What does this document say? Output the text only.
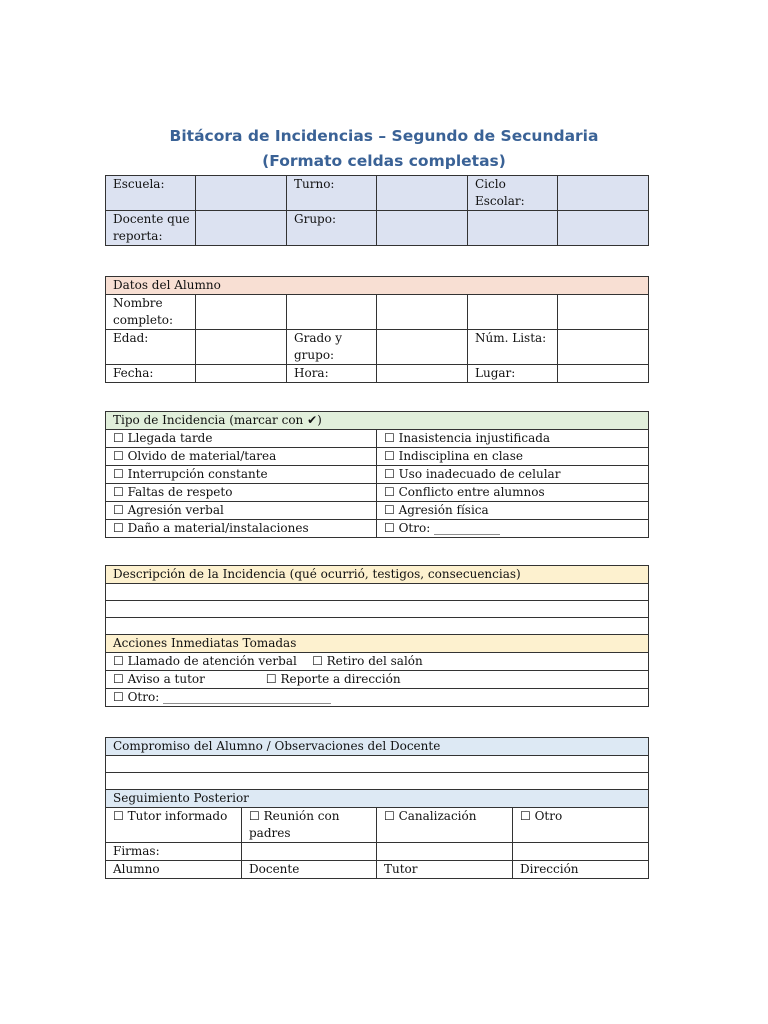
Bitácora de Incidencias – Segundo de Secundaria
(Formato celdas completas)
Escuela:		Turno:		Ciclo Escolar:	
Docente que reporta:		Grupo:			
Datos del Alumno					
Nombre completo:					
Edad:		Grado y grupo:		Núm. Lista:	
Fecha:		Hora:		Lugar:	
Tipo de Incidencia (marcar con ✔)	
☐ Llegada tarde	☐ Inasistencia injustificada
☐ Olvido de material/tarea	☐ Indisciplina en clase
☐ Interrupción constante	☐ Uso inadecuado de celular
☐ Faltas de respeto	☐ Conflicto entre alumnos
☐ Agresión verbal	☐ Agresión física
☐ Daño a material/instalaciones	☐ Otro: ___________
Descripción de la Incidencia (qué ocurrió, testigos, consecuencias)

Acciones Inmediatas Tomadas
☐ Llamado de atención verbal    ☐ Retiro del salón
☐ Aviso a tutor                ☐ Reporte a dirección
☐ Otro: ____________________________
Compromiso del Alumno / Observaciones del Docente			

Seguimiento Posterior			
☐ Tutor informado	☐ Reunión con padres	☐ Canalización	☐ Otro
Firmas:			
Alumno	Docente	Tutor	Dirección
